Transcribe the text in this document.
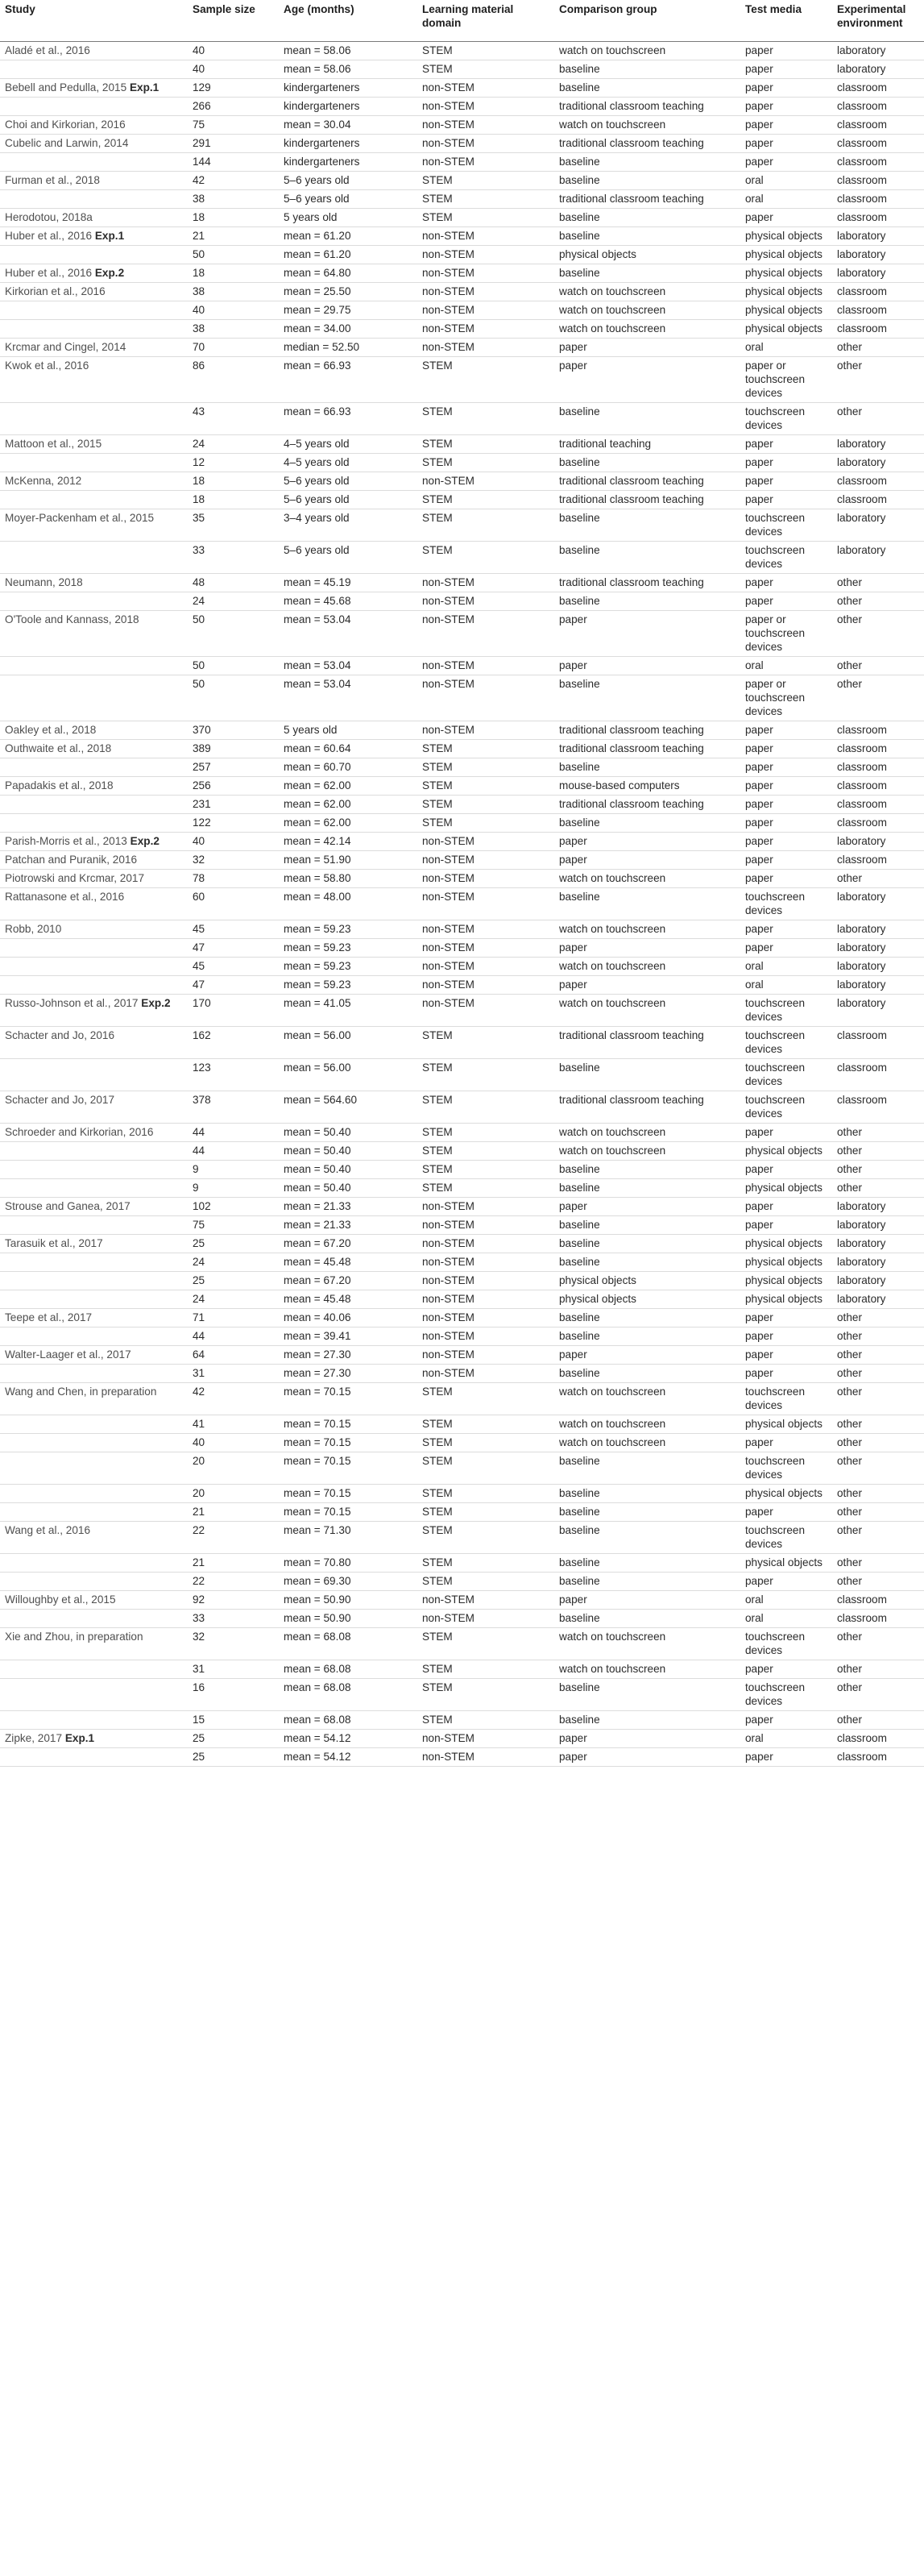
Study	Sample size	Age (months)	Learning material domain	Comparison group	Test media	Experimental environment
Aladé et al., 2016	40	mean = 58.06	STEM	watch on touchscreen	paper	laboratory
	40	mean = 58.06	STEM	baseline	paper	laboratory
Bebell and Pedulla, 2015 Exp.1	129	kindergarteners	non-STEM	baseline	paper	classroom
	266	kindergarteners	non-STEM	traditional classroom teaching	paper	classroom
Choi and Kirkorian, 2016	75	mean = 30.04	non-STEM	watch on touchscreen	paper	classroom
Cubelic and Larwin, 2014	291	kindergarteners	non-STEM	traditional classroom teaching	paper	classroom
	144	kindergarteners	non-STEM	baseline	paper	classroom
Furman et al., 2018	42	5–6 years old	STEM	baseline	oral	classroom
	38	5–6 years old	STEM	traditional classroom teaching	oral	classroom
Herodotou, 2018a	18	5 years old	STEM	baseline	paper	classroom
Huber et al., 2016 Exp.1	21	mean = 61.20	non-STEM	baseline	physical objects	laboratory
	50	mean = 61.20	non-STEM	physical objects	physical objects	laboratory
Huber et al., 2016 Exp.2	18	mean = 64.80	non-STEM	baseline	physical objects	laboratory
Kirkorian et al., 2016	38	mean = 25.50	non-STEM	watch on touchscreen	physical objects	classroom
	40	mean = 29.75	non-STEM	watch on touchscreen	physical objects	classroom
	38	mean = 34.00	non-STEM	watch on touchscreen	physical objects	classroom
Krcmar and Cingel, 2014	70	median = 52.50	non-STEM	paper	oral	other
Kwok et al., 2016	86	mean = 66.93	STEM	paper	paper or touchscreen devices	other
	43	mean = 66.93	STEM	baseline	touchscreen devices	other
Mattoon et al., 2015	24	4–5 years old	STEM	traditional teaching	paper	laboratory
	12	4–5 years old	STEM	baseline	paper	laboratory
McKenna, 2012	18	5–6 years old	non-STEM	traditional classroom teaching	paper	classroom
	18	5–6 years old	STEM	traditional classroom teaching	paper	classroom
Moyer-Packenham et al., 2015	35	3–4 years old	STEM	baseline	touchscreen devices	laboratory
	33	5–6 years old	STEM	baseline	touchscreen devices	laboratory
Neumann, 2018	48	mean = 45.19	non-STEM	traditional classroom teaching	paper	other
	24	mean = 45.68	non-STEM	baseline	paper	other
O'Toole and Kannass, 2018	50	mean = 53.04	non-STEM	paper	paper or touchscreen devices	other
	50	mean = 53.04	non-STEM	paper	oral	other
	50	mean = 53.04	non-STEM	baseline	paper or touchscreen devices	other
Oakley et al., 2018	370	5 years old	non-STEM	traditional classroom teaching	paper	classroom
Outhwaite et al., 2018	389	mean = 60.64	STEM	traditional classroom teaching	paper	classroom
	257	mean = 60.70	STEM	baseline	paper	classroom
Papadakis et al., 2018	256	mean = 62.00	STEM	mouse-based computers	paper	classroom
	231	mean = 62.00	STEM	traditional classroom teaching	paper	classroom
	122	mean = 62.00	STEM	baseline	paper	classroom
Parish-Morris et al., 2013 Exp.2	40	mean = 42.14	non-STEM	paper	paper	laboratory
Patchan and Puranik, 2016	32	mean = 51.90	non-STEM	paper	paper	classroom
Piotrowski and Krcmar, 2017	78	mean = 58.80	non-STEM	watch on touchscreen	paper	other
Rattanasone et al., 2016	60	mean = 48.00	non-STEM	baseline	touchscreen devices	laboratory
Robb, 2010	45	mean = 59.23	non-STEM	watch on touchscreen	paper	laboratory
	47	mean = 59.23	non-STEM	paper	paper	laboratory
	45	mean = 59.23	non-STEM	watch on touchscreen	oral	laboratory
	47	mean = 59.23	non-STEM	paper	oral	laboratory
Russo-Johnson et al., 2017 Exp.2	170	mean = 41.05	non-STEM	watch on touchscreen	touchscreen devices	laboratory
Schacter and Jo, 2016	162	mean = 56.00	STEM	traditional classroom teaching	touchscreen devices	classroom
	123	mean = 56.00	STEM	baseline	touchscreen devices	classroom
Schacter and Jo, 2017	378	mean = 564.60	STEM	traditional classroom teaching	touchscreen devices	classroom
Schroeder and Kirkorian, 2016	44	mean = 50.40	STEM	watch on touchscreen	paper	other
	44	mean = 50.40	STEM	watch on touchscreen	physical objects	other
	9	mean = 50.40	STEM	baseline	paper	other
	9	mean = 50.40	STEM	baseline	physical objects	other
Strouse and Ganea, 2017	102	mean = 21.33	non-STEM	paper	paper	laboratory
	75	mean = 21.33	non-STEM	baseline	paper	laboratory
Tarasuik et al., 2017	25	mean = 67.20	non-STEM	baseline	physical objects	laboratory
	24	mean = 45.48	non-STEM	baseline	physical objects	laboratory
	25	mean = 67.20	non-STEM	physical objects	physical objects	laboratory
	24	mean = 45.48	non-STEM	physical objects	physical objects	laboratory
Teepe et al., 2017	71	mean = 40.06	non-STEM	baseline	paper	other
	44	mean = 39.41	non-STEM	baseline	paper	other
Walter-Laager et al., 2017	64	mean = 27.30	non-STEM	paper	paper	other
	31	mean = 27.30	non-STEM	baseline	paper	other
Wang and Chen, in preparation	42	mean = 70.15	STEM	watch on touchscreen	touchscreen devices	other
	41	mean = 70.15	STEM	watch on touchscreen	physical objects	other
	40	mean = 70.15	STEM	watch on touchscreen	paper	other
	20	mean = 70.15	STEM	baseline	touchscreen devices	other
	20	mean = 70.15	STEM	baseline	physical objects	other
	21	mean = 70.15	STEM	baseline	paper	other
Wang et al., 2016	22	mean = 71.30	STEM	baseline	touchscreen devices	other
	21	mean = 70.80	STEM	baseline	physical objects	other
	22	mean = 69.30	STEM	baseline	paper	other
Willoughby et al., 2015	92	mean = 50.90	non-STEM	paper	oral	classroom
	33	mean = 50.90	non-STEM	baseline	oral	classroom
Xie and Zhou, in preparation	32	mean = 68.08	STEM	watch on touchscreen	touchscreen devices	other
	31	mean = 68.08	STEM	watch on touchscreen	paper	other
	16	mean = 68.08	STEM	baseline	touchscreen devices	other
	15	mean = 68.08	STEM	baseline	paper	other
Zipke, 2017 Exp.1	25	mean = 54.12	non-STEM	paper	oral	classroom
	25	mean = 54.12	non-STEM	paper	paper	classroom
